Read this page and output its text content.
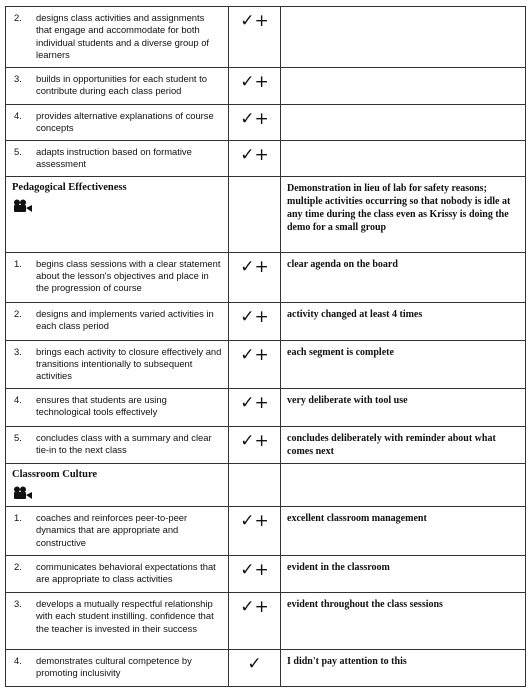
2. designs class activities and assignments that engage and accommodate for both individual students and a diverse group of learners	✓+	

3. builds in opportunities for each student to contribute during each class period	✓+	

4. provides alternative explanations of course concepts	✓+	

5. adapts instruction based on formative assessment	✓+	

Pedagogical Effectiveness		Demonstration in lieu of lab for safety reasons; multiple activities occurring so that nobody is idle at any time during the class even as Krissy is doing the demo for a small group

1. begins class sessions with a clear statement about the lesson's objectives and place in the progression of course	✓+	clear agenda on the board

2. designs and implements varied activities in each class period	✓+	activity changed at least 4 times

3. brings each activity to closure effectively and transitions intentionally to subsequent activities	✓+	each segment is complete

4. ensures that students are using technological tools effectively	✓+	very deliberate with tool use

5. concludes class with a summary and clear tie-in to the next class	✓+	concludes deliberately with reminder about what comes next

Classroom Culture		

1. coaches and reinforces peer-to-peer dynamics that are appropriate and constructive	✓+	excellent classroom management

2. communicates behavioral expectations that are appropriate to class activities	✓+	evident in the classroom

3. develops a mutually respectful relationship with each student instilling. confidence that the teacher is invested in their success	✓+	evident throughout the class sessions

4. demonstrates cultural competence by promoting inclusivity	✓	I didn't pay attention to this
